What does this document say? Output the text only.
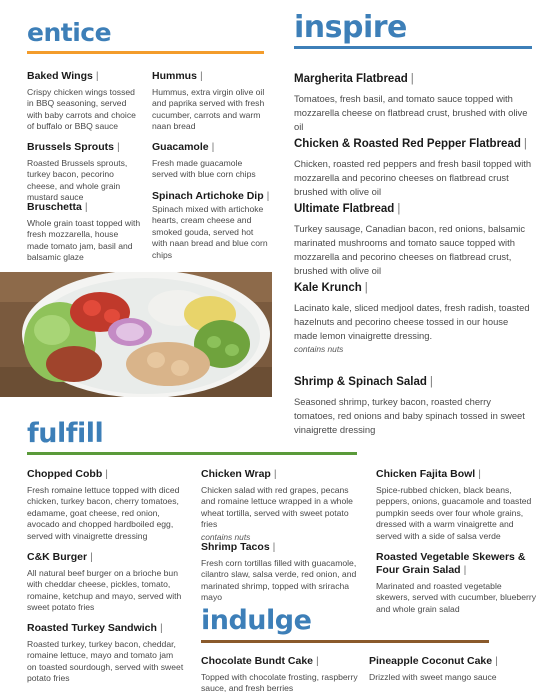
entice
Baked Wings |
Crispy chicken wings tossed in BBQ seasoning, served with baby carrots and choice of buffalo or BBQ sauce
Hummus |
Hummus, extra virgin olive oil and paprika served with fresh cucumber, carrots and warm naan bread
Brussels Sprouts |
Roasted Brussels sprouts, turkey bacon, pecorino cheese, and whole grain mustard sauce
Guacamole |
Fresh made guacamole served with blue corn chips
Bruschetta |
Whole grain toast topped with fresh mozzarella, house made tomato jam, basil and balsamic glaze
Spinach Artichoke Dip |
Spinach mixed with artichoke hearts, cream cheese and smoked gouda, served hot with naan bread and blue corn chips
inspire
Margherita Flatbread |
Tomatoes, fresh basil, and tomato sauce topped with mozzarella cheese on flatbread crust, brushed with olive oil
Chicken & Roasted Red Pepper Flatbread |
Chicken, roasted red peppers and fresh basil topped with mozzarella and pecorino cheeses on flatbread crust brushed with olive oil
Ultimate Flatbread |
Turkey sausage, Canadian bacon, red onions, balsamic marinated mushrooms and tomato sauce topped with mozzarella and pecorino cheeses on flatbread crust, brushed with olive oil
Kale Krunch |
Lacinato kale, sliced medjool dates, fresh radish, toasted hazelnuts and pecorino cheese tossed in our house made lemon vinaigrette dressing.
contains nuts
Shrimp & Spinach Salad |
Seasoned shrimp, turkey bacon, roasted cherry tomatoes, red onions and baby spinach tossed in sweet vinaigrette dressing
fulfill
Chopped Cobb |
Fresh romaine lettuce topped with diced chicken, turkey bacon, cherry tomatoes, edamame, goat cheese, red onion, avocado and chopped hardboiled egg, served with vinaigrette dressing
C&K Burger |
All natural beef burger on a brioche bun with cheddar cheese, pickles, tomato, romaine, ketchup and mayo, served with sweet potato fries
Roasted Turkey Sandwich |
Roasted turkey, turkey bacon, cheddar, romaine lettuce, mayo and tomato jam on toasted sourdough, served with sweet potato fries
Chicken Wrap |
Chicken salad with red grapes, pecans and romaine lettuce wrapped in a whole wheat tortilla, served with sweet potato fries
contains nuts
Shrimp Tacos |
Fresh corn tortillas filled with guacamole, cilantro slaw, salsa verde, red onion, and marinated shrimp, topped with sriracha mayo
Chicken Fajita Bowl |
Spice-rubbed chicken, black beans, peppers, onions, guacamole and toasted pumpkin seeds over four whole grains, dressed with a warm vinaigrette and served with a side of salsa verde
Roasted Vegetable Skewers & Four Grain Salad |
Marinated and roasted vegetable skewers, served with cucumber, blueberry and whole grain salad
indulge
Chocolate Bundt Cake |
Topped with chocolate frosting, raspberry sauce, and fresh berries
Pineapple Coconut Cake |
Drizzled with sweet mango sauce
